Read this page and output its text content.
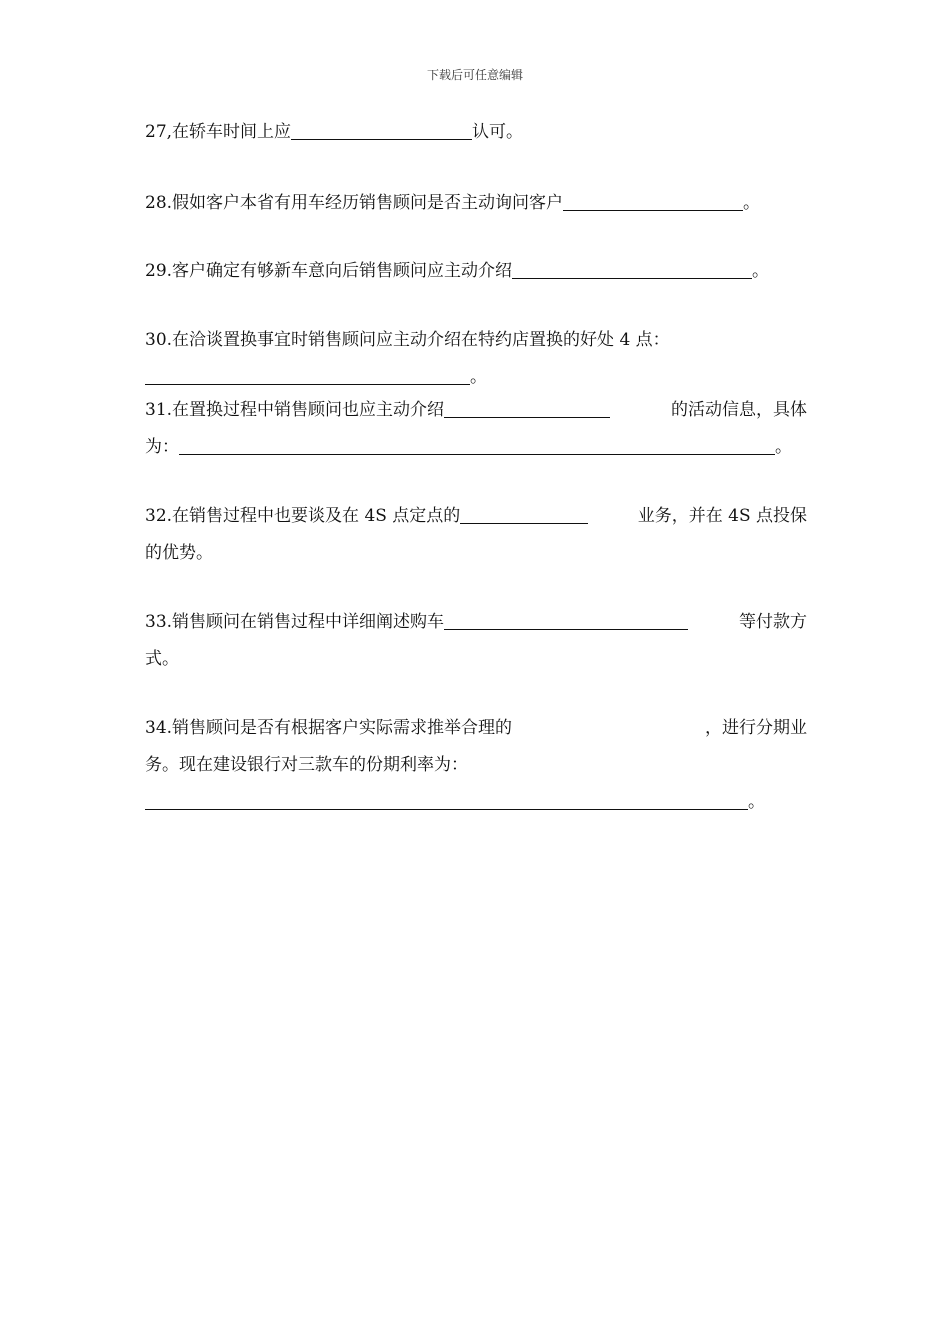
下载后可任意编辑
27,在轿车时间上应	认可。
28.假如客户本省有用车经历销售顾问是否主动询问客户	。
29.客户确定有够新车意向后销售顾问应主动介绍	。
30.在洽谈置换事宜时销售顾问应主动介绍在特约店置换的好处 4 点：
。
31.在置换过程中销售顾问也应主动介绍	的活动信息，具体
为：	。
32.在销售过程中也要谈及在 4S 点定点的	业务，并在 4S 点投保
的优势。
33.销售顾问在销售过程中详细阐述购车	等付款方
式。
34.销售顾问是否有根据客户实际需求推举合理的	，进行分期业
务。现在建设银行对三款车的份期利率为：
。
